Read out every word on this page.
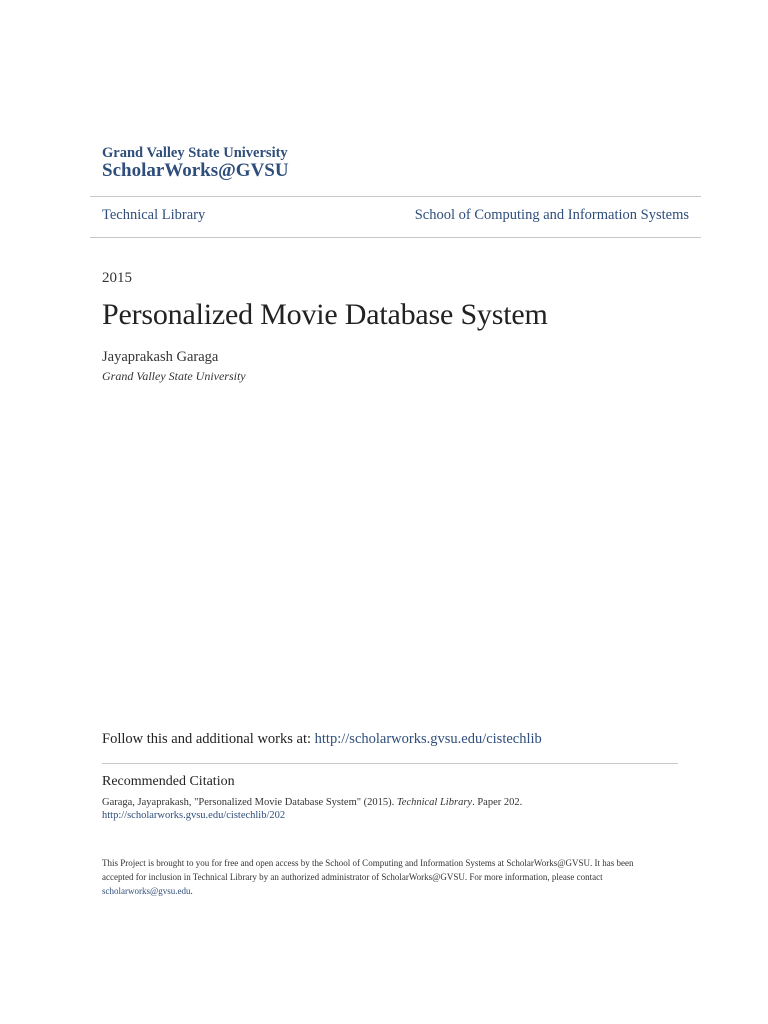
Grand Valley State University
ScholarWorks@GVSU
Technical Library	School of Computing and Information Systems
2015
Personalized Movie Database System
Jayaprakash Garaga
Grand Valley State University
Follow this and additional works at: http://scholarworks.gvsu.edu/cistechlib
Recommended Citation
Garaga, Jayaprakash, "Personalized Movie Database System" (2015). Technical Library. Paper 202.
http://scholarworks.gvsu.edu/cistechlib/202
This Project is brought to you for free and open access by the School of Computing and Information Systems at ScholarWorks@GVSU. It has been
accepted for inclusion in Technical Library by an authorized administrator of ScholarWorks@GVSU. For more information, please contact
scholarworks@gvsu.edu.
